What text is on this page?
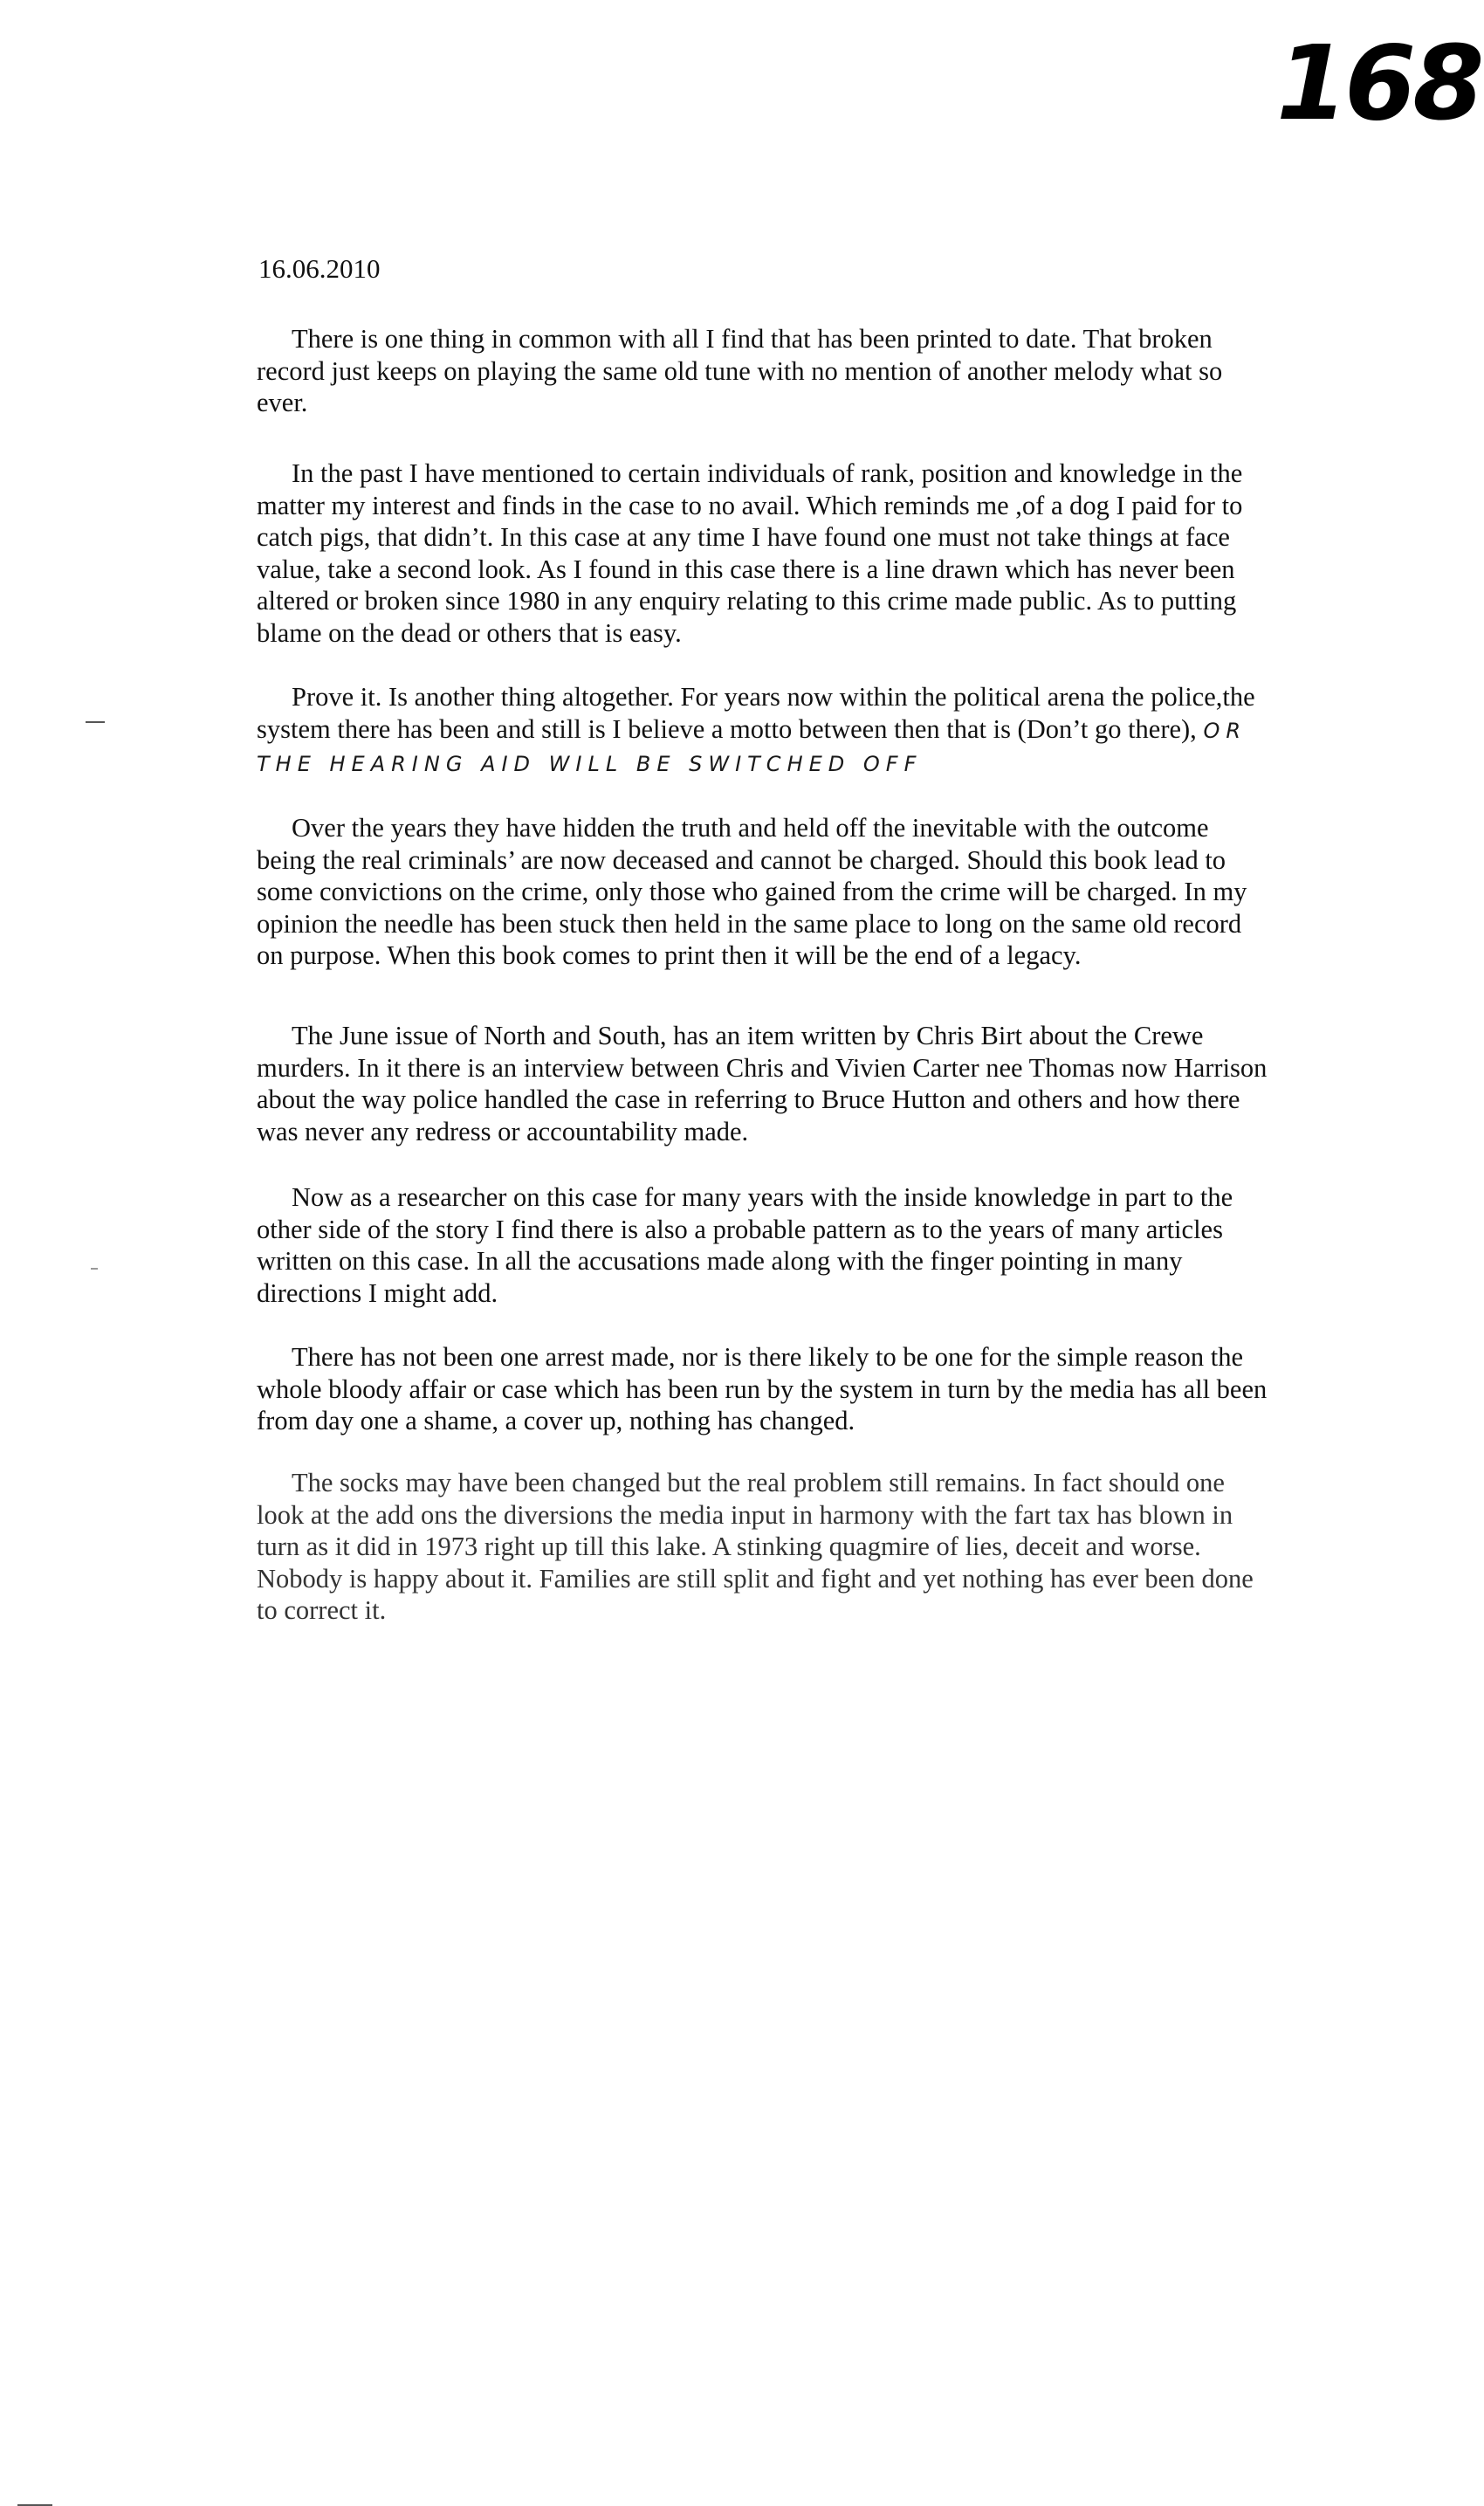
168
16.06.2010

There is one thing in common with all I find that has been printed to date. That broken record just keeps on playing the same old tune with no mention of another melody what so ever.

In the past I have mentioned to certain individuals of rank, position and knowledge in the matter my interest and finds in the case to no avail. Which reminds me ,of a dog I paid for to catch pigs, that didn’t. In this case at any time I have found one must not take things at face value, take a second look. As I found in this case there is a line drawn which has never been altered or broken since 1980 in any enquiry relating to this crime made public. As to putting blame on the dead or others that is easy.

Prove it. Is another thing altogether. For years now within the political arena the police,the system there has been and still is I believe a motto between then that is (Don’t go there), OR THE HEARING AID WILL BE SWITCHED OFF

Over the years they have hidden the truth and held off the inevitable with the outcome being the real criminals’ are now deceased and cannot be charged. Should this book lead to some convictions on the crime, only those who gained from the crime will be charged. In my opinion the needle has been stuck then held in the same place to long on the same old record on purpose. When this book comes to print then it will be the end of a legacy.

The June issue of North and South, has an item written by Chris Birt about the Crewe murders. In it there is an interview between Chris and Vivien Carter nee Thomas now Harrison about the way police handled the case in referring to Bruce Hutton and others and how there was never any redress or accountability made.

Now as a researcher on this case for many years with the inside knowledge in part to the other side of the story I find there is also a probable pattern as to the years of many articles written on this case. In all the accusations made along with the finger pointing in many directions I might add.

There has not been one arrest made, nor is there likely to be one for the simple reason the whole bloody affair or case which has been run by the system in turn by the media has all been from day one a shame, a cover up, nothing has changed.

The socks may have been changed but the real problem still remains. In fact should one look at the add ons the diversions the media input in harmony with the fart tax has blown in turn as it did in 1973 right up till this lake. A stinking quagmire of lies, deceit and worse. Nobody is happy about it. Families are still split and fight and yet nothing has ever been done to correct it.
